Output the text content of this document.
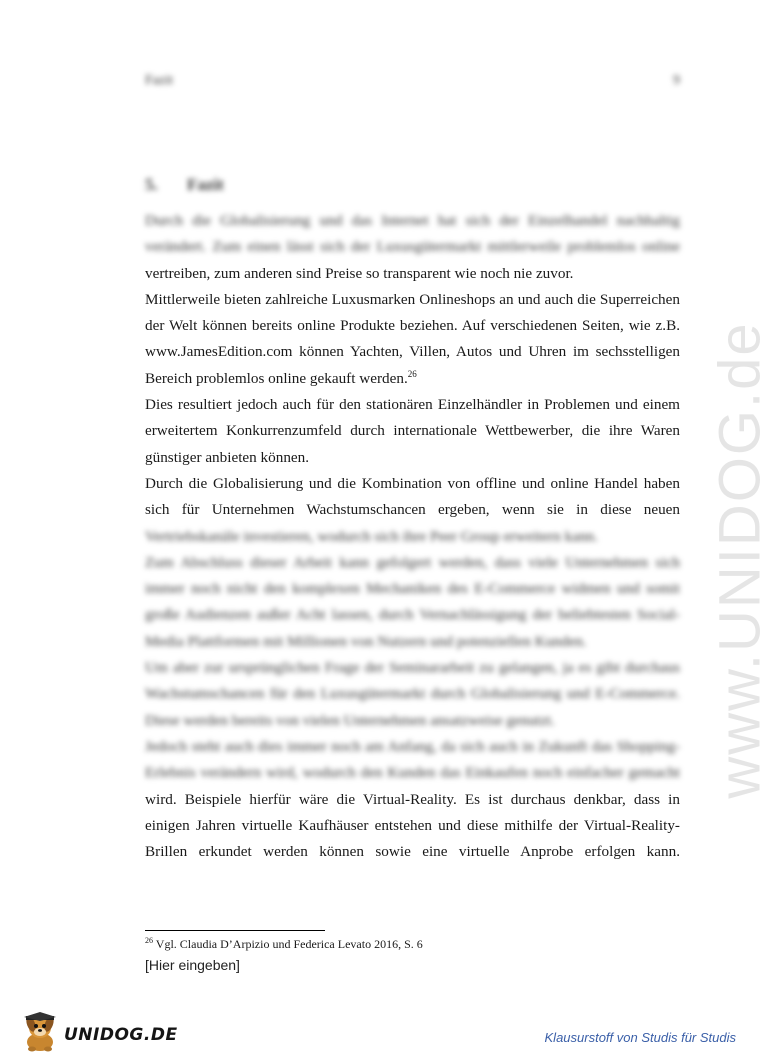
Fazit	9
5. Fazit
Durch die Globalisierung und das Internet hat sich der Einzelhandel nachhaltig
verändert. Zum einen lässt sich der Luxusgütermarkt mittlerweile problemlos online
vertreiben, zum anderen sind Preise so transparent wie noch nie zuvor.
Mittlerweile bieten zahlreiche Luxusmarken Onlineshops an und auch die Superreichen
der Welt können bereits online Produkte beziehen. Auf verschiedenen Seiten, wie z.B.
www.JamesEdition.com können Yachten, Villen, Autos und Uhren im sechsstelligen
Bereich problemlos online gekauft werden.$^{26}$
Dies resultiert jedoch auch für den stationären Einzelhändler in Problemen und einem
erweitertem Konkurrenzumfeld durch internationale Wettbewerber, die ihre Waren
günstiger anbieten können.
Durch die Globalisierung und die Kombination von offline und online Handel haben
sich für Unternehmen Wachstumschancen ergeben, wenn sie in diese neuen
Vertriebskanäle investieren, wodurch sich ihre Peer Group erweitern kann.
Zum Abschluss dieser Arbeit kann gefolgert werden, dass viele Unternehmen sich
immer noch nicht den komplexen Mechaniken des E-Commerce widmen und somit
große Audienzen außer Acht lassen, durch Vernachlässigung der beliebtesten Social-
Media Plattformen mit Millionen von Nutzern und potenziellen Kunden.
Um aber zur ursprünglichen Frage der Seminararbeit zu gelangen, ja es gibt durchaus
Wachstumschancen für den Luxusgütermarkt durch Globalisierung und E-Commerce.
Diese werden bereits von vielen Unternehmen ansatzweise genutzt.
Jedoch steht auch dies immer noch am Anfang, da sich auch in Zukunft das Shopping-
Erlebnis verändern wird, wodurch den Kunden das Einkaufen noch einfacher gemacht
wird. Beispiele hierfür wäre die Virtual-Reality. Es ist durchaus denkbar, dass in
einigen Jahren virtuelle Kaufhäuser entstehen und diese mithilfe der Virtual-Reality-
Brillen erkundet werden können sowie eine virtuelle Anprobe erfolgen kann.
$^{26}$ Vgl. Claudia D’Arpizio und Federica Levato 2016, S. 6
[Hier eingeben]
www.UNIDOG.de
UNIDOG.DE	Klausurstoff von Studis für Studis
